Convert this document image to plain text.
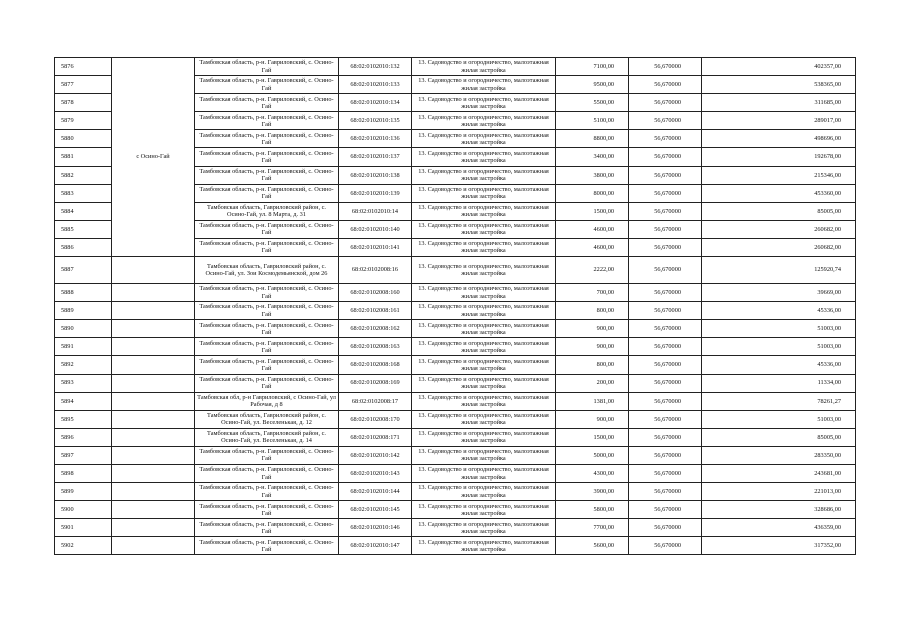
5876	с Осино-Гай	Тамбовская область, р-н. Гавриловский, с. Осино-Гай	68:02:0102010:132	13. Садоводство и огородничество, малоэтажная жилая застройка	7100,00	56,670000	402357,00
5877		Тамбовская область, р-н. Гавриловский, с. Осино-Гай	68:02:0102010:133	13. Садоводство и огородничество, малоэтажная жилая застройка	9500,00	56,670000	538365,00
5878		Тамбовская область, р-н. Гавриловский, с. Осино-Гай	68:02:0102010:134	13. Садоводство и огородничество, малоэтажная жилая застройка	5500,00	56,670000	311685,00
5879		Тамбовская область, р-н. Гавриловский, с. Осино-Гай	68:02:0102010:135	13. Садоводство и огородничество, малоэтажная жилая застройка	5100,00	56,670000	289017,00
5880		Тамбовская область, р-н. Гавриловский, с. Осино-Гай	68:02:0102010:136	13. Садоводство и огородничество, малоэтажная жилая застройка	8800,00	56,670000	498696,00
5881		Тамбовская область, р-н. Гавриловский, с. Осино-Гай	68:02:0102010:137	13. Садоводство и огородничество, малоэтажная жилая застройка	3400,00	56,670000	192678,00
5882		Тамбовская область, р-н. Гавриловский, с. Осино-Гай	68:02:0102010:138	13. Садоводство и огородничество, малоэтажная жилая застройка	3800,00	56,670000	215346,00
5883		Тамбовская область, р-н. Гавриловский, с. Осино-Гай	68:02:0102010:139	13. Садоводство и огородничество, малоэтажная жилая застройка	8000,00	56,670000	453360,00
5884		Тамбовская область, Гавриловский район, с. Осино-Гай, ул. 8 Марта, д. 31	68:02:0102010:14	13. Садоводство и огородничество, малоэтажная жилая застройка	1500,00	56,670000	85005,00
5885		Тамбовская область, р-н. Гавриловский, с. Осино-Гай	68:02:0102010:140	13. Садоводство и огородничество, малоэтажная жилая застройка	4600,00	56,670000	260682,00
5886		Тамбовская область, р-н. Гавриловский, с. Осино-Гай	68:02:0102010:141	13. Садоводство и огородничество, малоэтажная жилая застройка	4600,00	56,670000	260682,00
5887		Тамбовская область, Гавриловский район, с. Осино-Гай, ул. Зои Космодемьянской, дом 26	68:02:0102008:16	13. Садоводство и огородничество, малоэтажная жилая застройка	2222,00	56,670000	125920,74
5888		Тамбовская область, р-н. Гавриловский, с. Осино-Гай	68:02:0102008:160	13. Садоводство и огородничество, малоэтажная жилая застройка	700,00	56,670000	39669,00
5889		Тамбовская область, р-н. Гавриловский, с. Осино-Гай	68:02:0102008:161	13. Садоводство и огородничество, малоэтажная жилая застройка	800,00	56,670000	45336,00
5890		Тамбовская область, р-н. Гавриловский, с. Осино-Гай	68:02:0102008:162	13. Садоводство и огородничество, малоэтажная жилая застройка	900,00	56,670000	51003,00
5891		Тамбовская область, р-н. Гавриловский, с. Осино-Гай	68:02:0102008:163	13. Садоводство и огородничество, малоэтажная жилая застройка	900,00	56,670000	51003,00
5892		Тамбовская область, р-н. Гавриловский, с. Осино-Гай	68:02:0102008:168	13. Садоводство и огородничество, малоэтажная жилая застройка	800,00	56,670000	45336,00
5893		Тамбовская область, р-н. Гавриловский, с. Осино-Гай	68:02:0102008:169	13. Садоводство и огородничество, малоэтажная жилая застройка	200,00	56,670000	11334,00
5894		Тамбовская обл, р-н Гавриловский, с Осино-Гай, ул Рабочая, д 8	68:02:0102008:17	13. Садоводство и огородничество, малоэтажная жилая застройка	1381,00	56,670000	78261,27
5895		Тамбовская область, Гавриловский район, с. Осино-Гай, ул. Веселенькая, д. 12	68:02:0102008:170	13. Садоводство и огородничество, малоэтажная жилая застройка	900,00	56,670000	51003,00
5896		Тамбовская область, Гавриловский район, с. Осино-Гай, ул. Веселенькая, д. 14	68:02:0102008:171	13. Садоводство и огородничество, малоэтажная жилая застройка	1500,00	56,670000	85005,00
5897		Тамбовская область, р-н. Гавриловский, с. Осино-Гай	68:02:0102010:142	13. Садоводство и огородничество, малоэтажная жилая застройка	5000,00	56,670000	283350,00
5898		Тамбовская область, р-н. Гавриловский, с. Осино-Гай	68:02:0102010:143	13. Садоводство и огородничество, малоэтажная жилая застройка	4300,00	56,670000	243681,00
5899		Тамбовская область, р-н. Гавриловский, с. Осино-Гай	68:02:0102010:144	13. Садоводство и огородничество, малоэтажная жилая застройка	3900,00	56,670000	221013,00
5900		Тамбовская область, р-н. Гавриловский, с. Осино-Гай	68:02:0102010:145	13. Садоводство и огородничество, малоэтажная жилая застройка	5800,00	56,670000	328686,00
5901		Тамбовская область, р-н. Гавриловский, с. Осино-Гай	68:02:0102010:146	13. Садоводство и огородничество, малоэтажная жилая застройка	7700,00	56,670000	436359,00
5902		Тамбовская область, р-н. Гавриловский, с. Осино-Гай	68:02:0102010:147	13. Садоводство и огородничество, малоэтажная жилая застройка	5600,00	56,670000	317352,00
